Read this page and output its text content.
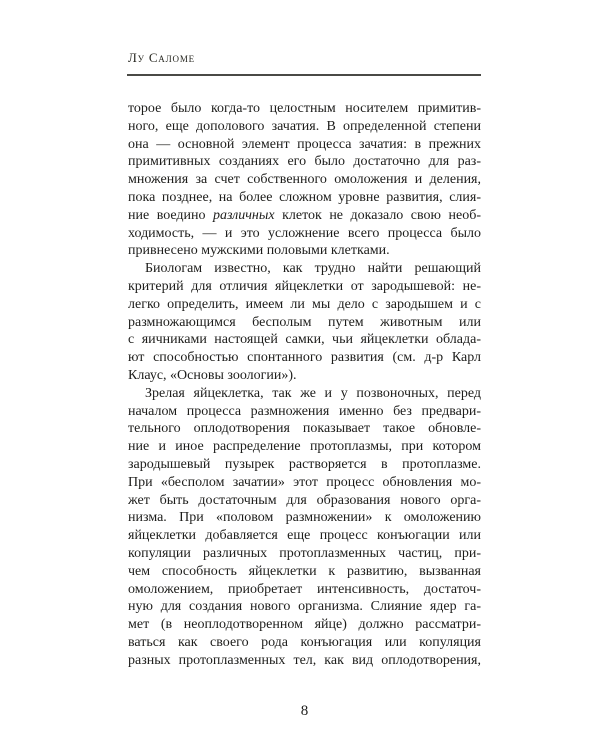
Лу Саломе
торое было когда-то целостным носителем примитив-
ного, еще дополового зачатия. В определенной степени
она — основной элемент процесса зачатия: в прежних
примитивных созданиях его было достаточно для раз-
множения за счет собственного омоложения и деления,
пока позднее, на более сложном уровне развития, слия-
ние воедино различных клеток не доказало свою необ-
ходимость, — и это усложнение всего процесса было
привнесено мужскими половыми клетками.
Биологам известно, как трудно найти решающий
критерий для отличия яйцеклетки от зародышевой: не-
легко определить, имеем ли мы дело с зародышем и с
размножающимся бесполым путем животным или
с яичниками настоящей самки, чьи яйцеклетки облада-
ют способностью спонтанного развития (см. д-р Карл
Клаус, «Основы зоологии»).
Зрелая яйцеклетка, так же и у позвоночных, перед
началом процесса размножения именно без предвари-
тельного оплодотворения показывает такое обновле-
ние и иное распределение протоплазмы, при котором
зародышевый пузырек растворяется в протоплазме.
При «бесполом зачатии» этот процесс обновления мо-
жет быть достаточным для образования нового орга-
низма. При «половом размножении» к омоложению
яйцеклетки добавляется еще процесс конъюгации или
копуляции различных протоплазменных частиц, при-
чем способность яйцеклетки к развитию, вызванная
омоложением, приобретает интенсивность, достаточ-
ную для создания нового организма. Слияние ядер га-
мет (в неоплодотворенном яйце) должно рассматри-
ваться как своего рода конъюгация или копуляция
разных протоплазменных тел, как вид оплодотворения,
8
